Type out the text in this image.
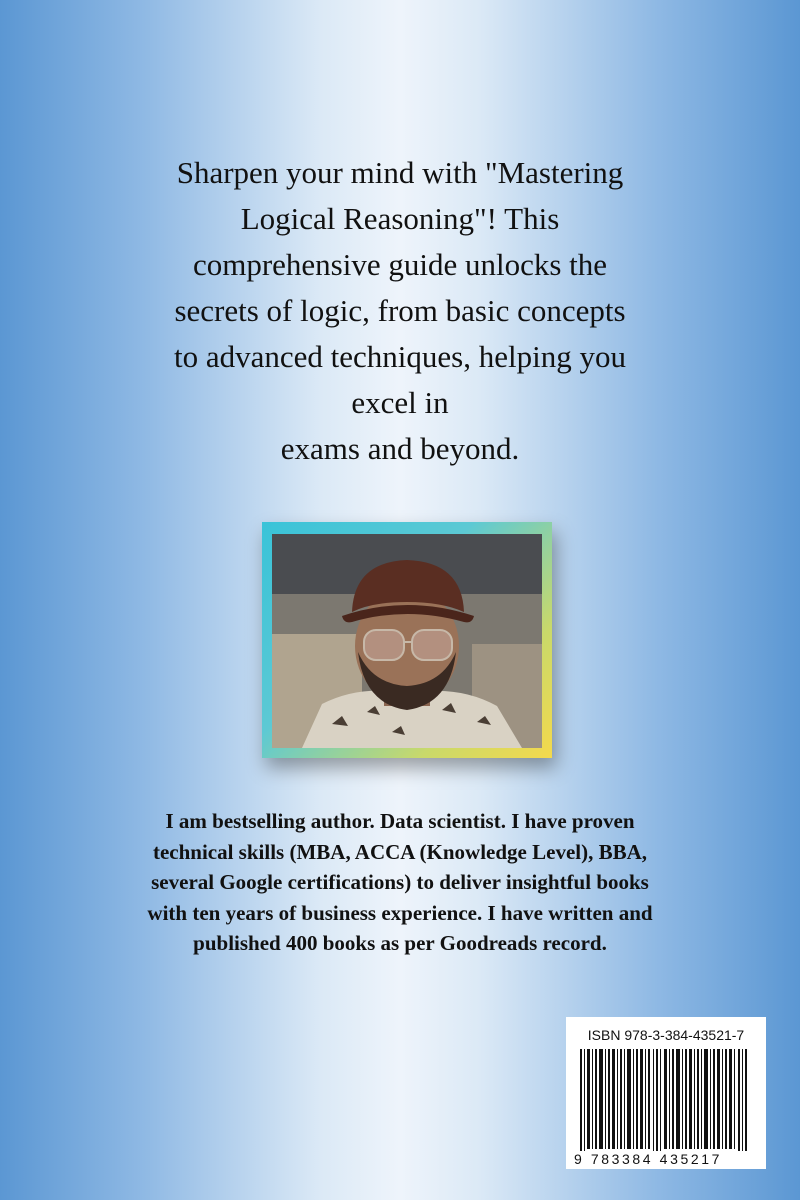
Sharpen your mind with "Mastering
Logical Reasoning"! This
comprehensive guide unlocks the
secrets of logic, from basic concepts
to advanced techniques, helping you
excel in
exams and beyond.
I am bestselling author. Data scientist. I have proven
technical skills (MBA, ACCA (Knowledge Level), BBA,
several Google certifications) to deliver insightful books
with ten years of business experience. I have written and
published 400 books as per Goodreads record.
ISBN 978-3-384-43521-7
9 783384 435217
